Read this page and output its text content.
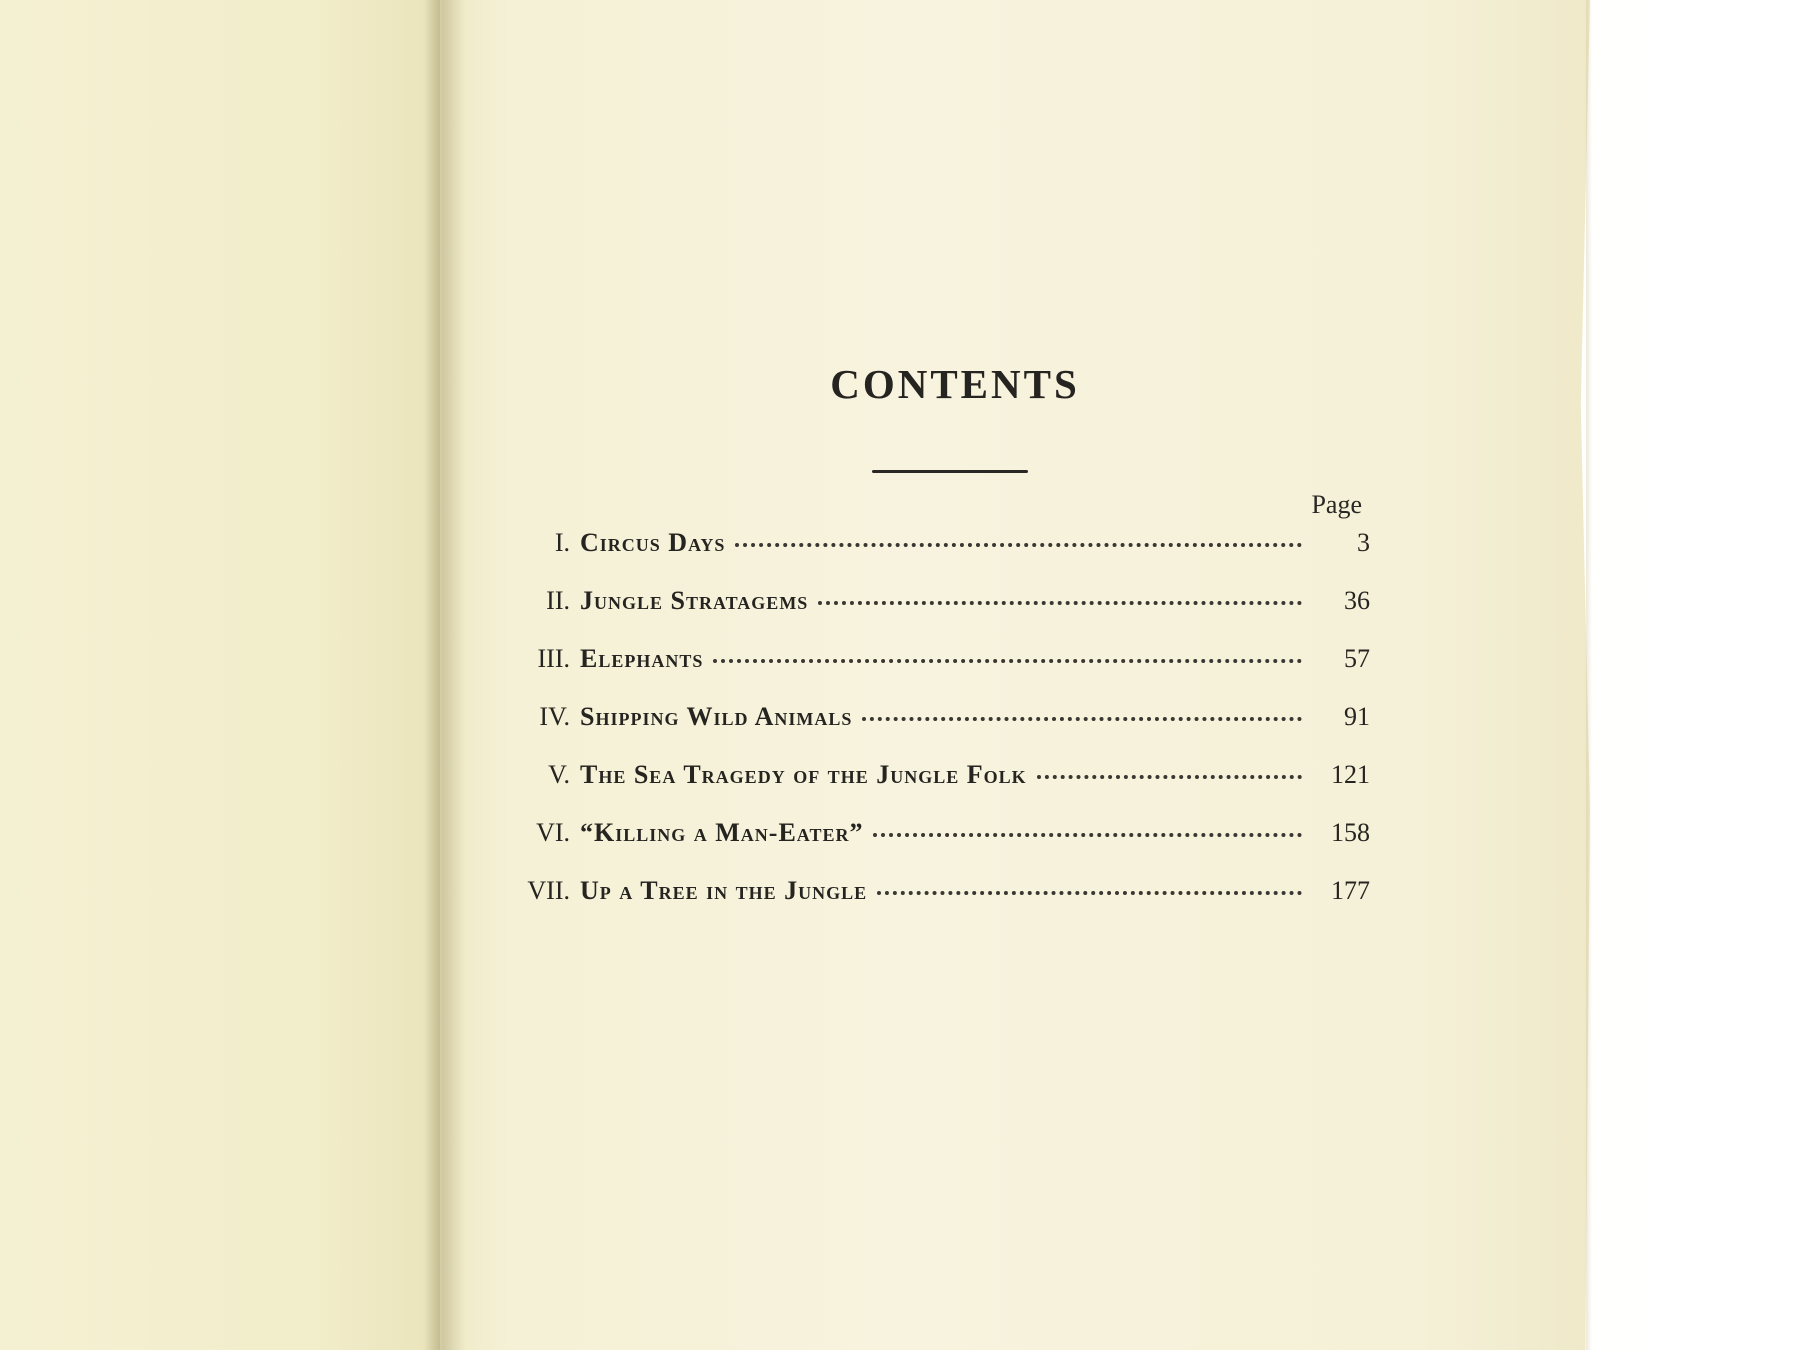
CONTENTS
Page
I. Circus Days	3
II. Jungle Stratagems	36
III. Elephants	57
IV. Shipping Wild Animals	91
V. The Sea Tragedy of the Jungle Folk	121
VI. “Killing a Man-Eater”	158
VII. Up a Tree in the Jungle	177
